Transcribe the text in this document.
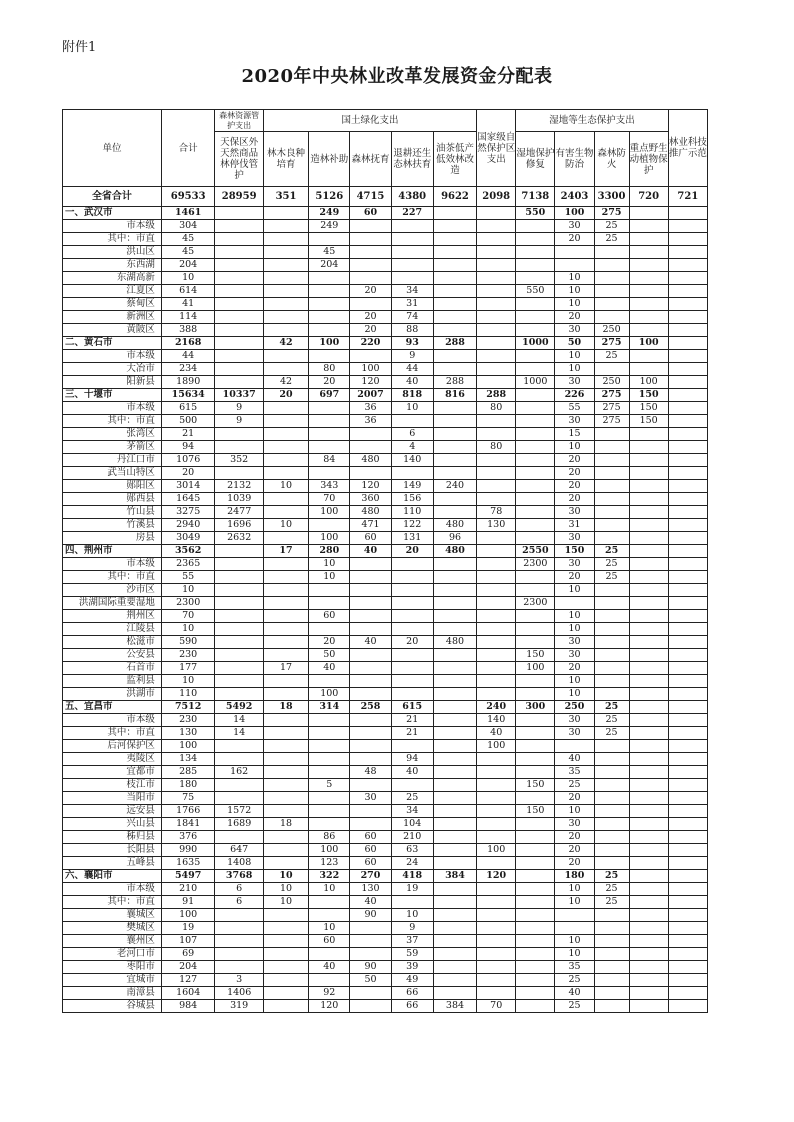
附件1
2020年中央林业改革发展资金分配表
单位	合计	森林资源管护支出	国土绿化支出					国家级自然保护区支出	湿地等生态保护支出				林业科技推广示范
		天保区外天然商品林停伐管护	林木良种培育	造林补助	森林抚育	退耕还生态林扶育	油茶低产低效林改造		湿地保护修复	有害生物防治	森林防火	重点野生动植物保护	
全省合计	69533	28959	351	5126	4715	4380	9622	2098	7138	2403	3300	720	721
一、武汉市	1461			249	60	227			550	100	275		
市本级	304			249						30	25		
其中：市直	45									20	25		
洪山区	45			45									
东西湖	204			204									
东湖高新	10									10			
江夏区	614				20	34			550	10			
蔡甸区	41					31				10			
新洲区	114				20	74				20			
黄陂区	388				20	88				30	250		
二、黄石市	2168		42	100	220	93	288		1000	50	275	100	
市本级	44					9				10	25		
大冶市	234			80	100	44				10			
阳新县	1890		42	20	120	40	288		1000	30	250	100	
三、十堰市	15634	10337	20	697	2007	818	816	288		226	275	150	
市本级	615	9			36	10		80		55	275	150	
其中：市直	500	9			36					30	275	150	
张湾区	21					6				15			
茅箭区	94					4		80		10			
丹江口市	1076	352		84	480	140				20			
武当山特区	20									20			
郧阳区	3014	2132	10	343	120	149	240			20			
郧西县	1645	1039		70	360	156				20			
竹山县	3275	2477		100	480	110		78		30			
竹溪县	2940	1696	10		471	122	480	130		31			
房县	3049	2632		100	60	131	96			30			
四、荆州市	3562		17	280	40	20	480		2550	150	25		
市本级	2365			10					2300	30	25		
其中：市直	55			10						20	25		
沙市区	10									10			
洪湖国际重要湿地	2300								2300				
荆州区	70			60						10			
江陵县	10									10			
松滋市	590			20	40	20	480			30			
公安县	230			50					150	30			
石首市	177		17	40					100	20			
监利县	10									10			
洪湖市	110			100						10			
五、宜昌市	7512	5492	18	314	258	615		240	300	250	25		
市本级	230	14				21		140		30	25		
其中：市直	130	14				21		40		30	25		
后河保护区	100							100					
夷陵区	134					94				40			
宜都市	285	162			48	40				35			
枝江市	180			5					150	25			
当阳市	75				30	25				20			
远安县	1766	1572				34			150	10			
兴山县	1841	1689	18			104				30			
秭归县	376			86	60	210				20			
长阳县	990	647		100	60	63		100		20			
五峰县	1635	1408		123	60	24				20			
六、襄阳市	5497	3768	10	322	270	418	384	120		180	25		
市本级	210	6	10	10	130	19				10	25		
其中：市直	91	6	10		40					10	25		
襄城区	100				90	10							
樊城区	19			10		9							
襄州区	107			60		37				10			
老河口市	69					59				10			
枣阳市	204			40	90	39				35			
宜城市	127	3			50	49				25			
南漳县	1604	1406		92		66				40			
谷城县	984	319		120		66	384	70		25			
